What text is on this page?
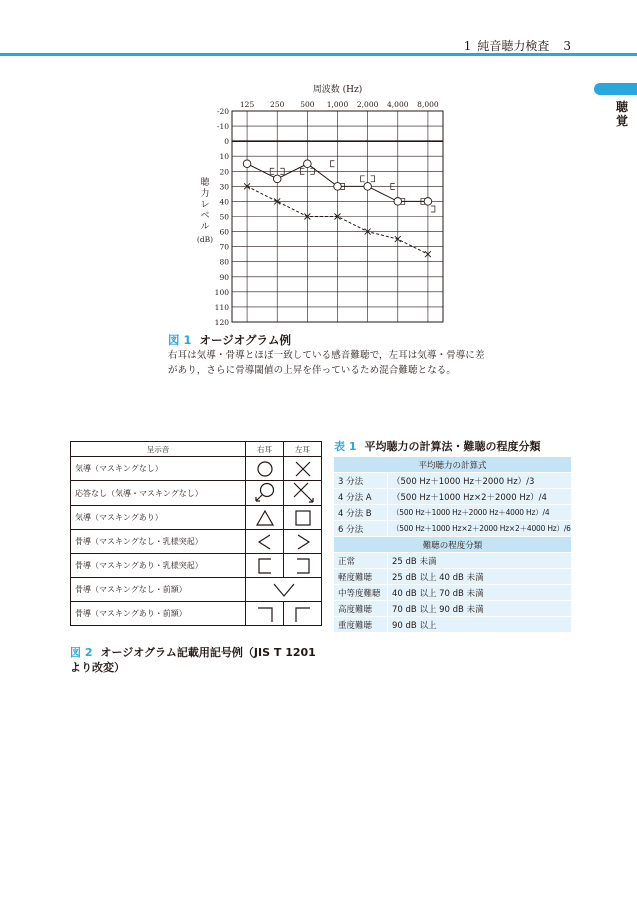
1 純音聴力検査 3
聴覚
-20
-10
0
10
20
30
40
50
60
70
80
90
100
110
120
125 250 500 1,000 2,000 4,000 8,000
周波数 (Hz)
聴
力
レ
ベ
ル
(dB)
図 1 オージオグラム例
右耳は気導・骨導とほぼ一致している感音難聴で，左耳は気導・骨導に差があり，さらに骨導閾値の上昇を伴っているため混合難聴となる。
呈示音	右耳	左耳
気導（マスキングなし）	

応答なし（気導・マスキングなし）	

気導（マスキングあり）	

骨導（マスキングなし・乳様突起）	

骨導（マスキングあり・乳様突起）	

骨導（マスキングなし・前額）	

骨導（マスキングあり・前額）	

図 2 オージオグラム記載用記号例（JIS T 1201 より改変）
表 1 平均聴力の計算法・難聴の程度分類
平均聴力の計算式	
3 分法	（500 Hz＋1000 Hz＋2000 Hz）/3
4 分法 A	（500 Hz＋1000 Hz×2＋2000 Hz）/4
4 分法 B	（500 Hz＋1000 Hz＋2000 Hz＋4000 Hz）/4
6 分法	（500 Hz＋1000 Hz×2＋2000 Hz×2＋4000 Hz）/6
難聴の程度分類	
正常	25 dB 未満
軽度難聴	25 dB 以上 40 dB 未満
中等度難聴	40 dB 以上 70 dB 未満
高度難聴	70 dB 以上 90 dB 未満
重度難聴	90 dB 以上
